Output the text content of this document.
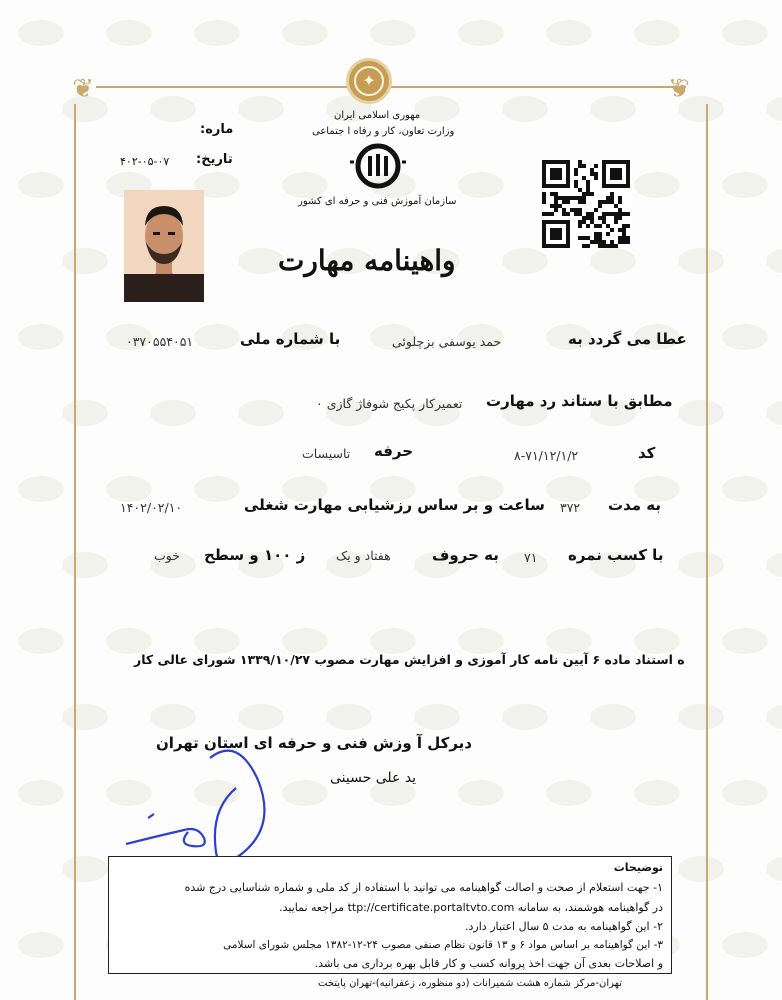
❦	❦
✦
مهوری اسلامی ایران
وزارت تعاون، کار و رفاه ا جتماعی
سازمان آموزش فنی و حرفه ای کشور
ماره:
تاریخ:
۴۰۲-۰۵-۰۷
واهینامه مهارت
عطا می گردد به
حمد یوسفی بزچلوئی
با شماره ملی
۰۳۷۰۵۵۴۰۵۱
مطابق با ستاند رد مهارت
تعمیرکار پکیج شوفاژ گازی ٠
کد
۸-۷۱/۱۲/۱/۲
حرفه
تاسیسات
به مدت
۳۷۲
ساعت و بر ساس رزشیابی مهارت شغلی
۱۴۰۲/۰۲/۱۰
با کسب نمره
۷۱
به حروف
هفتاد و یک
ز ۱۰۰ و سطح
خوب
ه استناد ماده ۶ آیین نامه کار آموزی و افزایش مهارت مصوب ۱۳۳۹/۱۰/۲۷ شورای عالی کار
دیرکل آ وزش فنی و حرفه ای استان تهران
ید علی حسینی
توضیحات
۱- جهت استعلام از صحت و اصالت گواهینامه می توانید با استفاده از کد ملی و شماره شناسایی درج شده
در گواهینامه هوشمند، به سامانه ttp://certificate.portaltvto.com مراجعه نمایید.
۲- این گواهینامه به مدت ۵ سال اعتبار دارد.
۳- این گواهینامه بر اساس مواد ۶ و ۱۳ قانون نظام صنفی مصوب ۲۴-۱۲-۱۳۸۲ مجلس شورای اسلامی
و اصلاحات بعدی آن جهت اخذ پروانه کسب و کار قابل بهره برداری می باشد.
تهران-مرکز شماره هشت شمیرانات (دو منظوره، زعفرانیه)-تهران پایتخت
